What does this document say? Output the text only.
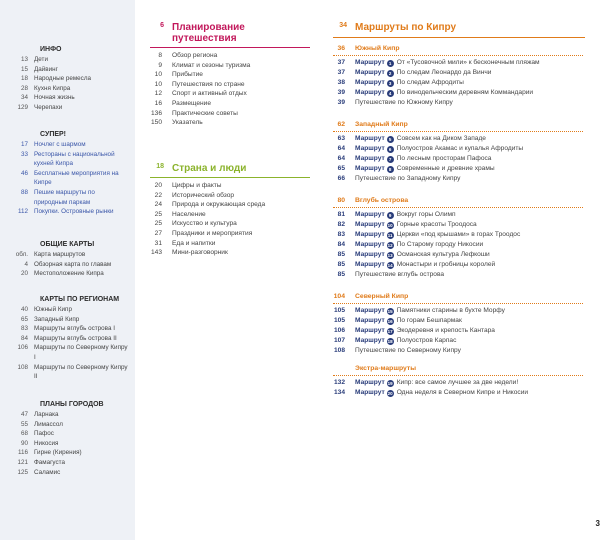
ИНФО
13 Дети
15 Дайвинг
18 Народные ремесла
28 Кухня Кипра
34 Ночная жизнь
129 Черепахи
СУПЕР!
17 Ночлег с шармом
33 Рестораны с национальной кухней Кипра
46 Бесплатные мероприятия на Кипре
88 Пешие маршруты по природным паркам
112 Покупки. Островные рынки
ОБЩИЕ КАРТЫ
обл. Карта маршрутов
4 Обзорная карта по главам
20 Местоположение Кипра
КАРТЫ ПО РЕГИОНАМ
40 Южный Кипр
65 Западный Кипр
83 Маршруты вглубь острова I
84 Маршруты вглубь острова II
106 Маршруты по Северному Кипру I
108 Маршруты по Северному Кипру II
ПЛАНЫ ГОРОДОВ
47 Ларнака
55 Лимассол
68 Пафос
90 Никосия
116 Гирне (Кирения)
121 Фамагуста
125 Саламис
6 Планирование
путешествия
8	Обзор региона
9	Климат и сезоны туризма
10	Прибытие
10	Путешествия по стране
12	Спорт и активный отдых
16	Размещение
136	Практические советы
150	Указатель
18 Страна и люди
20	Цифры и факты
22	Исторический обзор
24	Природа и окружающая среда
25	Население
25	Искусство и культура
27	Праздники и мероприятия
31	Еда и напитки
143	Мини-разговорник
34 Маршруты по Кипру
36	Южный Кипр
37	Маршрут 1 От «Тусовочной мили» к бесконечным пляжам
37	Маршрут 2 По следам Леонардо да Винчи
38	Маршрут 3 По следам Афродиты
39	Маршрут 4 По винодельческим деревням Коммандарии
39	Путешествие по Южному Кипру
62	Западный Кипр
63	Маршрут 5 Совсем как на Диком Западе
64	Маршрут 6 Полуостров Акамас и купалья Афродиты
64	Маршрут 7 По лесным просторам Пафоса
65	Маршрут 8 Современные и древние храмы
66	Путешествие по Западному Кипру
80	Вглубь острова
81	Маршрут 9 Вокруг горы Олимп
82	Маршрут 10 Горные красоты Троодоса
83	Маршрут 11 Церкви «под крышами» в горах Троодос
84	Маршрут 12 По Старому городу Никосии
85	Маршрут 13 Османская культура Лефкоши
85	Маршрут 14 Монастыри и гробницы королей
85	Путешествие вглубь острова
104	Северный Кипр
105	Маршрут 15 Памятники старины в бухте Морфу
105	Маршрут 16 По горам Бешпармак
106	Маршрут 17 Экодеревня и крепость Кантара
107	Маршрут 18 Полуостров Карпас
108	Путешествие по Северному Кипру
Экстра-маршруты
132	Маршрут 19 Кипр: все самое лучшее за две недели!
134	Маршрут 20 Одна неделя в Северном Кипре и Никосии
3
